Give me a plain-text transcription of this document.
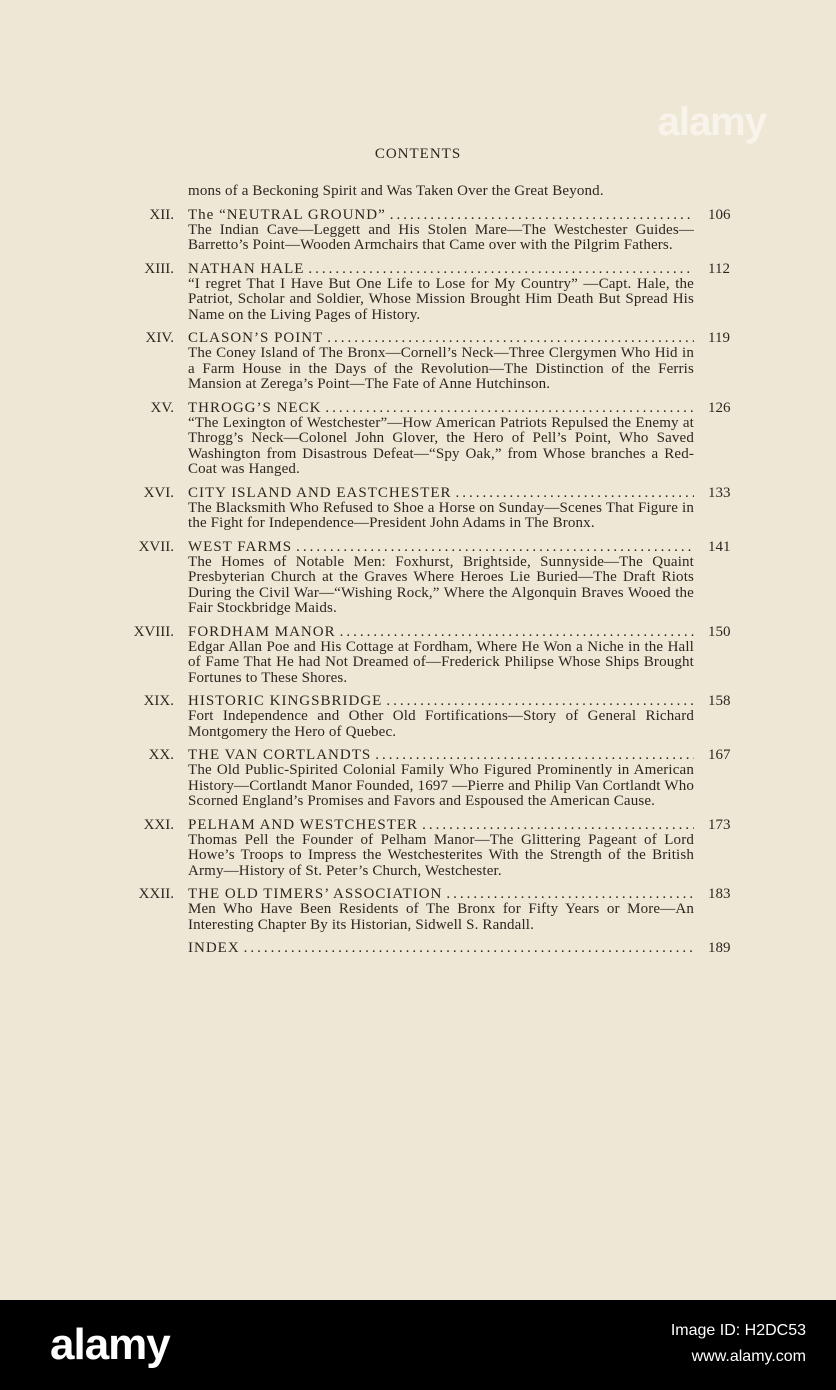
alamy
CONTENTS
mons of a Beckoning Spirit and Was Taken Over the Great Beyond.
XII. The “NEUTRAL GROUND” .....	106
The Indian Cave—Leggett and His Stolen Mare—The Westchester Guides—Barretto’s Point—Wooden Armchairs that Came over with the Pilgrim Fathers.
XIII. NATHAN HALE .....	112
“I regret That I Have But One Life to Lose for My Country” —Capt. Hale, the Patriot, Scholar and Soldier, Whose Mission Brought Him Death But Spread His Name on the Living Pages of History.
XIV. CLASON’S POINT .....	119
The Coney Island of The Bronx—Cornell’s Neck—Three Clergymen Who Hid in a Farm House in the Days of the Revolution—The Distinction of the Ferris Mansion at Zerega’s Point—The Fate of Anne Hutchinson.
XV. THROGG’S NECK .....	126
“The Lexington of Westchester”—How American Patriots Repulsed the Enemy at Throgg’s Neck—Colonel John Glover, the Hero of Pell’s Point, Who Saved Washington from Disastrous Defeat—“Spy Oak,” from Whose branches a Red-Coat was Hanged.
XVI. CITY ISLAND AND EASTCHESTER .....	133
The Blacksmith Who Refused to Shoe a Horse on Sunday—Scenes That Figure in the Fight for Independence—President John Adams in The Bronx.
XVII. WEST FARMS .....	141
The Homes of Notable Men: Foxhurst, Brightside, Sunnyside—The Quaint Presbyterian Church at the Graves Where Heroes Lie Buried—The Draft Riots During the Civil War—“Wishing Rock,” Where the Algonquin Braves Wooed the Fair Stockbridge Maids.
XVIII. FORDHAM MANOR .....	150
Edgar Allan Poe and His Cottage at Fordham, Where He Won a Niche in the Hall of Fame That He had Not Dreamed of—Frederick Philipse Whose Ships Brought Fortunes to These Shores.
XIX. HISTORIC KINGSBRIDGE .....	158
Fort Independence and Other Old Fortifications—Story of General Richard Montgomery the Hero of Quebec.
XX. THE VAN CORTLANDTS .....	167
The Old Public-Spirited Colonial Family Who Figured Prominently in American History—Cortlandt Manor Founded, 1697 —Pierre and Philip Van Cortlandt Who Scorned England’s Promises and Favors and Espoused the American Cause.
XXI. PELHAM AND WESTCHESTER .....	173
Thomas Pell the Founder of Pelham Manor—The Glittering Pageant of Lord Howe’s Troops to Impress the Westchesterites With the Strength of the British Army—History of St. Peter’s Church, Westchester.
XXII. THE OLD TIMERS’ ASSOCIATION .....	183
Men Who Have Been Residents of The Bronx for Fifty Years or More—An Interesting Chapter By its Historian, Sidwell S. Randall.
INDEX .....	189
alamy	Image ID: H2DC53
www.alamy.com
